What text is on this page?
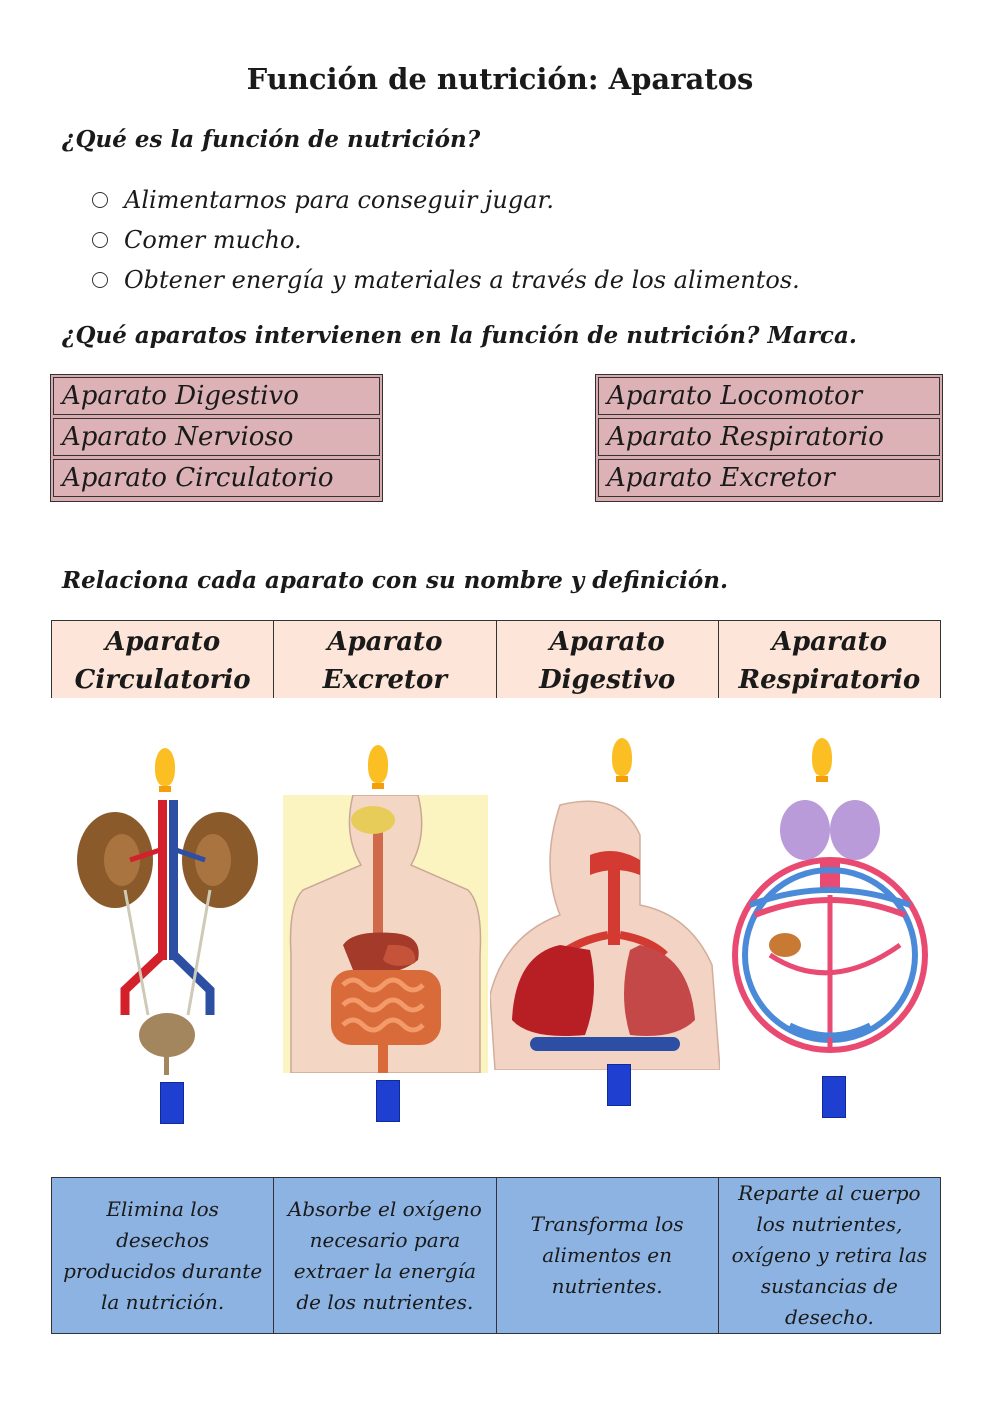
Función de nutrición: Aparatos
¿Qué es la función de nutrición?
Alimentarnos para conseguir jugar.
Comer mucho.
Obtener energía y materiales a través de los alimentos.
¿Qué aparatos intervienen en la función de nutrición? Marca.
Aparato Digestivo
Aparato Nervioso
Aparato Circulatorio
Aparato Locomotor
Aparato Respiratorio
Aparato Excretor
Relaciona cada aparato con su nombre y definición.
Aparato
Circulatorio
Aparato
Excretor
Aparato
Digestivo
Aparato
Respiratorio
Elimina los desechos producidos durante la nutrición.
Absorbe el oxígeno necesario para extraer la energía de los nutrientes.
Transforma los alimentos en nutrientes.
Reparte al cuerpo los nutrientes, oxígeno y retira las sustancias de desecho.
